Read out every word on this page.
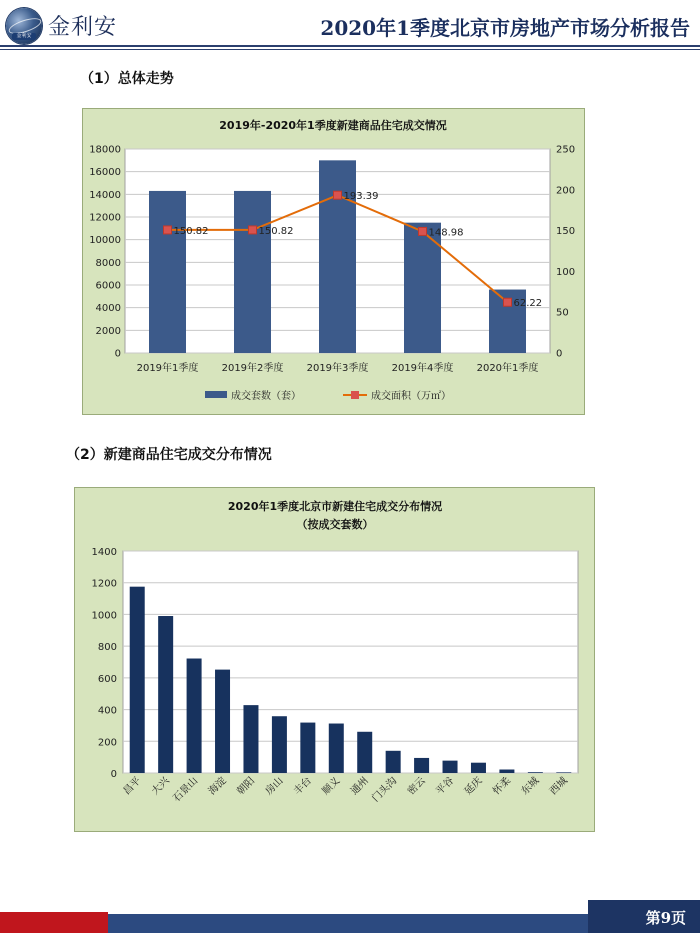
金利安 金利安	2020年1季度北京市房地产市场分析报告
（1）总体走势
2019年-2020年1季度新建商品住宅成交情况
0
2000
4000
6000
8000
10000
12000
14000
16000
18000
0
50
100
150
200
250
2019年1季度 2019年2季度 2019年3季度 2019年4季度 2020年1季度
150.82	150.82
193.39
148.98
62.22
成交套数（套）	成交面积（万㎡）
（2）新建商品住宅成交分布情况
2020年1季度北京市新建住宅成交分布情况
（按成交套数）
0
200
400
600
800
1000
1200
1400
昌平 大兴 石景山 海淀 朝阳 房山 丰台 顺义 通州 门头沟 密云 平谷 延庆 怀柔 东城 西城
第9页
